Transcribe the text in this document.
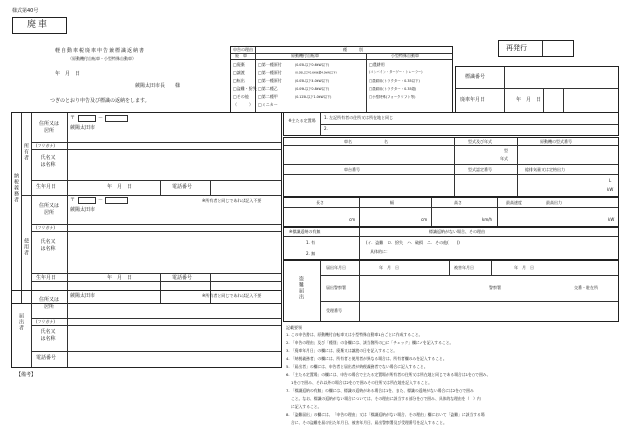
様式第40号
廃車
軽自動車税廃車申告兼標識返納書
（原動機付自転車・小型特殊自動車）
年　月　日
蕨陽太田市長　　様
つぎのとおり申告及び標識の返納をします。
再発行
申告の理由
廃　車
種　　　別
原動機付自転車	小型特殊自動車
□廃棄
□譲渡
□転出
□盗難・紛失
□その他
（　　　）
□第一種原付	(0.05L以下0.6kW以下)
□第一種原付	(0.05L以下0.6kW超4.0kW以下)
□第一種原付	(0.05L以下4.0kW以下)
□第二種乙	(0.09L以下0.8kW以下)
□第二種甲	(0.125L以下1.0kW以下)
□ミニカー
□農耕用
(コンバイン・ターゲー・トレーラー)
□農耕用(トラクター・0.35以下)
□農耕用(トラクター・0.35超)
□小型特殊(フォークリフト等)
標識番号
廃車年月日	年　月　日
納税義務者
所有者
使用者
住所又は居所
〒	－
蕨陽太田市
(フリガナ)
氏名又は名称
生年月日	年　月　日	電話番号
住所又は居所
〒	－
蕨陽太田市
※所有者と同じであれば記入不要
(フリガナ)
氏名又は名称
生年月日	年　月　日	電話番号
届出者
住所又は居所
蕨陽太田市	※所有者と同じであれば記入不要
(フリガナ)
氏名又は名称
電話番号
【備考】
※主たる定置場
1. 左記所有者の住所又は所在地と同じ
2.
車名	名	型式及び年式	原動機の型式番号
型
年式
車台番号	型式認定番号	総排気量又は定格出力
L
kW
長さ	幅	高さ	最高速度	最高出力
cm	cm	km/h	kW
※標識返納の有無	標識返納がない場合、その理由
1. 有
2. 無
(イ．盗難　ロ．紛失　ハ．破損　ニ．その他(　　))
具体的に：
盗難届出
届出年月日	年　月　日	被害年月日	年　月　日
届出警察署	警察署	交番・駐在所
受理番号
記載要領
1. この申告書は、原動機付自転車又は小型特殊自動車1台ごとに作成すること。
2. 「申告の理由」及び「種別」の各欄には、該当箇所の□に「チェック」欄に✓を記入すること。
3. 「廃車年月日」の欄には、廃棄又は譲渡の日を記入すること。
4. 「納税義務者」の欄には、所有者と使用者が異なる場合は、所有者欄のみを記入すること。
5. 「届出者」の欄には、申告者と届出者が納税義務者でない場合に記入すること。
6. 「主たる定置場」の欄には、申告の場合で主たる定置場が所有者の住所又は所在地と同じである場合は1を○で囲み、
　 1を○で囲み、それ以外の場合は2を○で囲みその住所又は所在地を記入すること。
7. 「標識返納の有無」の欄には、標識の返納がある場合は1を、また、標識の返納がない場合には2を○で囲み
　 こと。なお、標識の返納がない場合については、その理由に該当する部分を○で囲み、具体的な理由を（　）内
　 に記入すること。
8. 「盗難届出」の欄には、「申告の理由」又は「標識返納がない場合、その理由」欄において「盗難」に該当する場
　 合に、その盗難を届け出た年月日、被害年月日、届出警察署及び受理番号を記入すること。
